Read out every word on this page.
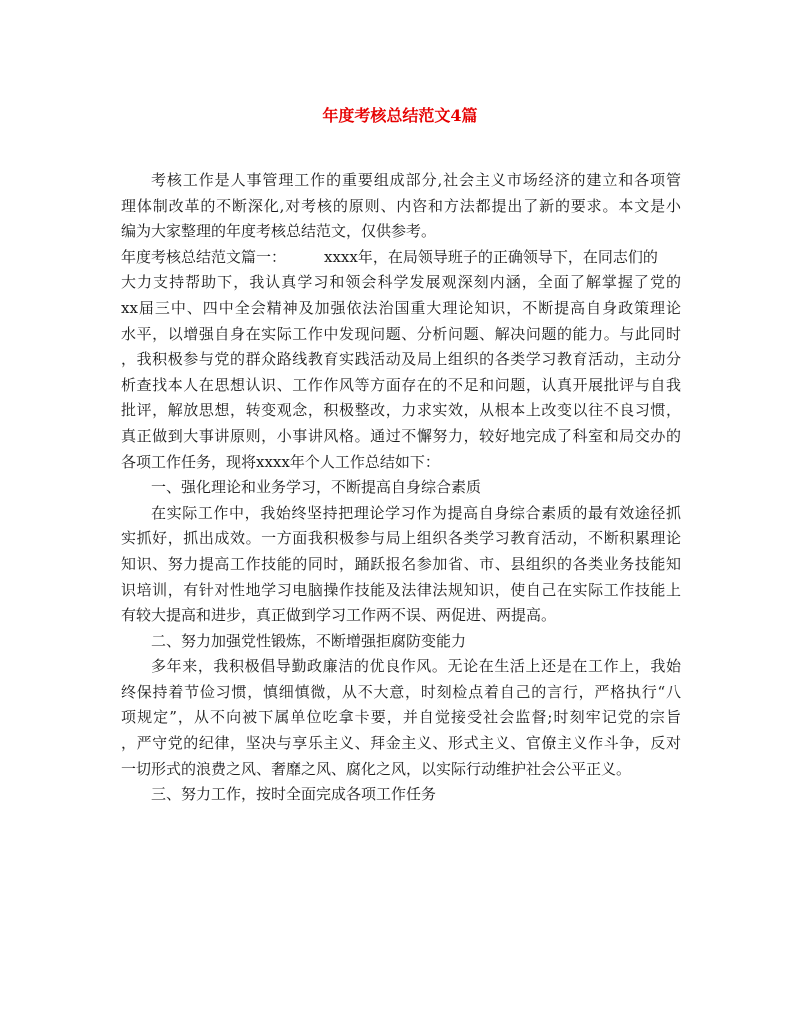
年度考核总结范文4篇
考核工作是人事管理工作的重要组成部分,社会主义市场经济的建立和各项管
理体制改革的不断深化,对考核的原则、内咨和方法都提出了新的要求。本文是小
编为大家整理的年度考核总结范文，仅供参考。
年度考核总结范文篇一：	xxxx年，在局领导班子的正确领导下，在同志们的
大力支持帮助下，我认真学习和领会科学发展观深刻内涵，全面了解掌握了党的
xx届三中、四中全会精神及加强依法治国重大理论知识，不断提高自身政策理论
水平，以增强自身在实际工作中发现问题、分析问题、解决问题的能力。与此同时
，我积极参与党的群众路线教育实践活动及局上组织的各类学习教育活动，主动分
析查找本人在思想认识、工作作风等方面存在的不足和问题，认真开展批评与自我
批评，解放思想，转变观念，积极整改，力求实效，从根本上改变以往不良习惯，
真正做到大事讲原则，小事讲风格。通过不懈努力，较好地完成了科室和局交办的
各项工作任务，现将xxxx年个人工作总结如下：
一、强化理论和业务学习，不断提高自身综合素质
在实际工作中，我始终坚持把理论学习作为提高自身综合素质的最有效途径抓
实抓好，抓出成效。一方面我积极参与局上组织各类学习教育活动，不断积累理论
知识、努力提高工作技能的同时，踊跃报名参加省、市、县组织的各类业务技能知
识培训，有针对性地学习电脑操作技能及法律法规知识，使自己在实际工作技能上
有较大提高和进步，真正做到学习工作两不误、两促进、两提高。
二、努力加强党性锻炼，不断增强拒腐防变能力
多年来，我积极倡导勤政廉洁的优良作风。无论在生活上还是在工作上，我始
终保持着节俭习惯，慎细慎微，从不大意，时刻检点着自己的言行，严格执行“八
项规定”，从不向被下属单位吃拿卡要，并自觉接受社会监督;时刻牢记党的宗旨
，严守党的纪律，坚决与享乐主义、拜金主义、形式主义、官僚主义作斗争，反对
一切形式的浪费之风、奢靡之风、腐化之风，以实际行动维护社会公平正义。
三、努力工作，按时全面完成各项工作任务
